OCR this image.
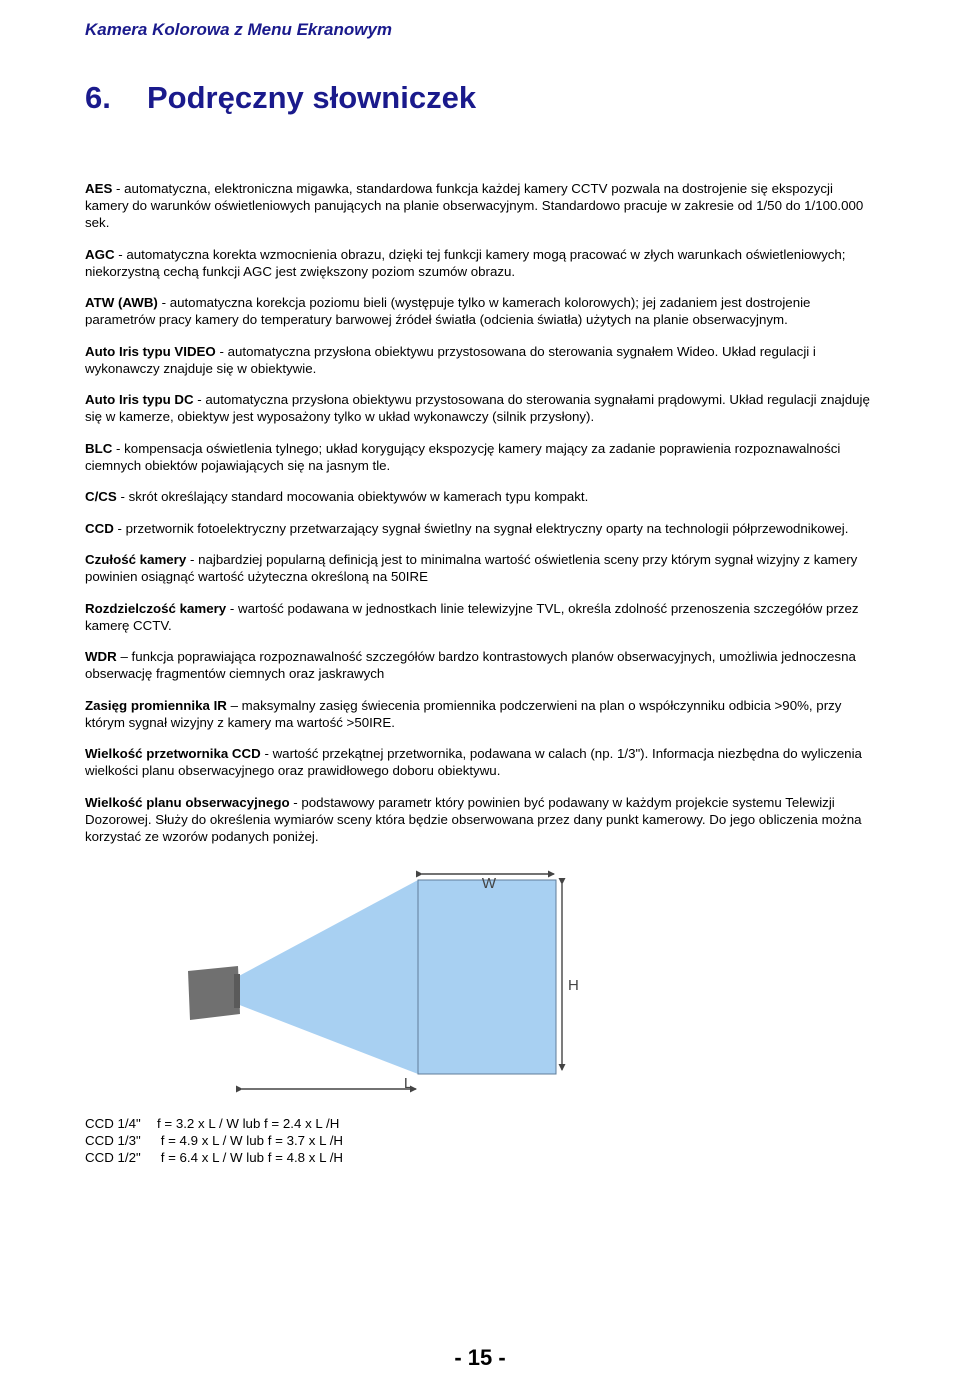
Kamera Kolorowa z Menu Ekranowym
6. Podręczny słowniczek

AES - automatyczna, elektroniczna migawka, standardowa funkcja każdej kamery CCTV pozwala na dostrojenie się ekspozycji kamery do warunków oświetleniowych panujących na planie obserwacyjnym. Standardowo pracuje w zakresie od 1/50 do 1/100.000 sek.

AGC - automatyczna korekta wzmocnienia obrazu, dzięki tej funkcji kamery mogą pracować w złych warunkach oświetleniowych; niekorzystną cechą funkcji AGC jest zwiększony poziom szumów obrazu.

ATW (AWB) - automatyczna korekcja poziomu bieli (występuje tylko w kamerach kolorowych); jej zadaniem jest dostrojenie parametrów pracy kamery do temperatury barwowej źródeł światła (odcienia światła) użytych na planie obserwacyjnym.

Auto Iris typu VIDEO - automatyczna przysłona obiektywu przystosowana do sterowania sygnałem Wideo. Układ regulacji i wykonawczy znajduje się w obiektywie.

Auto Iris typu DC - automatyczna przysłona obiektywu przystosowana do sterowania sygnałami prądowymi. Układ regulacji znajduję się w kamerze, obiektyw jest wyposażony tylko w układ wykonawczy (silnik przysłony).

BLC - kompensacja oświetlenia tylnego; układ korygujący ekspozycję kamery mający za zadanie poprawienia rozpoznawalności ciemnych obiektów pojawiających się na jasnym tle.

C/CS - skrót określający standard mocowania obiektywów w kamerach typu kompakt.

CCD - przetwornik fotoelektryczny przetwarzający sygnał świetlny na sygnał elektryczny oparty na technologii półprzewodnikowej.

Czułość kamery - najbardziej popularną definicją jest to minimalna wartość oświetlenia sceny przy którym sygnał wizyjny z kamery powinien osiągnąć wartość użyteczna określoną na 50IRE

Rozdzielczość kamery - wartość podawana w jednostkach linie telewizyjne TVL, określa zdolność przenoszenia szczegółów przez kamerę CCTV.

WDR – funkcja poprawiająca rozpoznawalność szczegółów bardzo kontrastowych planów obserwacyjnych, umożliwia jednoczesna obserwację fragmentów ciemnych oraz jaskrawych

Zasięg promiennika IR – maksymalny zasięg świecenia promiennika podczerwieni na plan o współczynniku odbicia >90%, przy którym sygnał wizyjny z kamery ma wartość >50IRE.

Wielkość przetwornika CCD - wartość przekątnej przetwornika, podawana w calach (np. 1/3"). Informacja niezbędna do wyliczenia wielkości planu obserwacyjnego oraz prawidłowego doboru obiektywu.

Wielkość planu obserwacyjnego - podstawowy parametr który powinien być podawany w każdym projekcie systemu Telewizji Dozorowej. Służy do określenia wymiarów sceny która będzie obserwowana przez dany punkt kamerowy. Do jego obliczenia można korzystać ze wzorów podanych poniżej.

W
H
L
CCD 1/4" f = 3.2 x L / W lub f = 2.4 x L /H
CCD 1/3" f = 4.9 x L / W lub f = 3.7 x L /H
CCD 1/2" f = 6.4 x L / W lub f = 4.8 x L /H
- 15 -
